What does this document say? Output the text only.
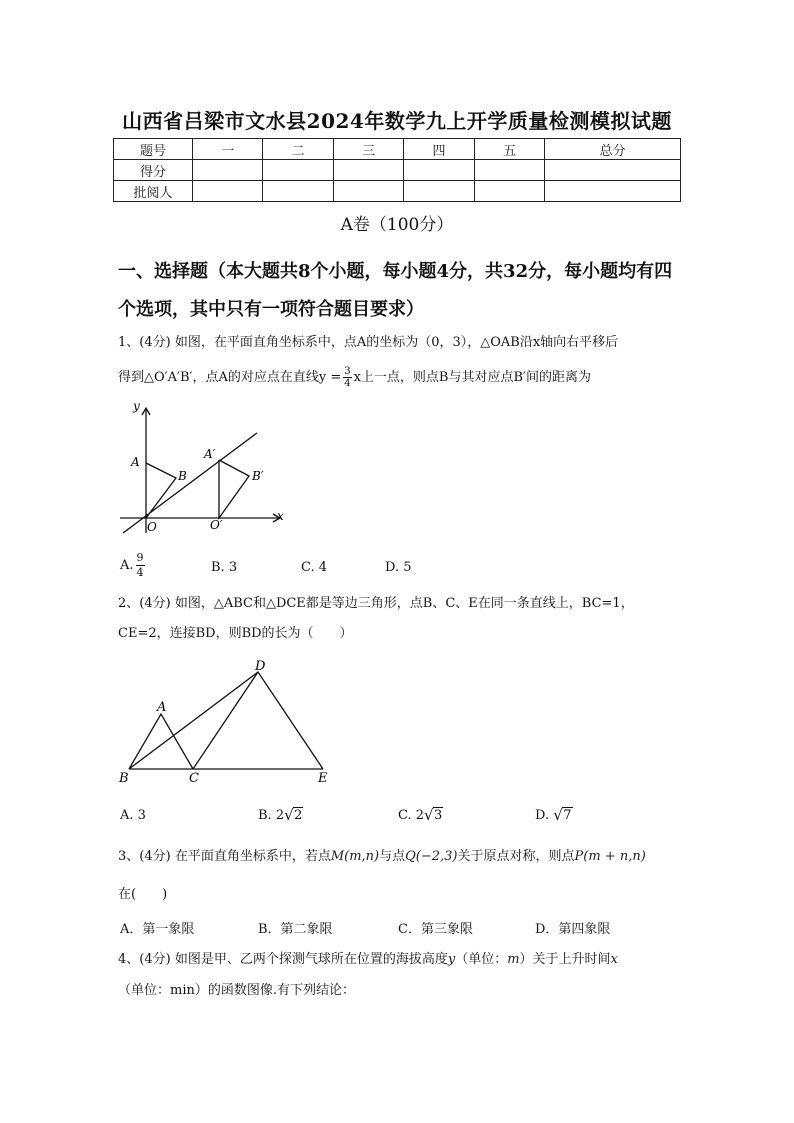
山西省吕梁市文水县2024年数学九上开学质量检测模拟试题
题号	一	二	三	四	五	总分
得分						
批阅人						
A卷（100分）
一、选择题（本大题共8个小题，每小题4分，共32分，每小题均有四个选项，其中只有一项符合题目要求）
1、(4分) 如图，在平面直角坐标系中，点A的坐标为（0，3），△OAB沿x轴向右平移后
得到△O′A′B′，点A的对应点在直线$y = \frac{3}{4}$ x上一点，则点B与其对应点B′间的距离为
y
x
A
B
O
A′
B′
O′
A. $\frac{9}{4}$	B. 3	C. 4	D. 5
2、(4分) 如图，△ABC和△DCE都是等边三角形，点B、C、E在同一条直线上，BC=1，
CE=2，连接BD，则BD的长为（　　）
A
B	C
D
E
A. 3	B. 2 √ 2	C. 2 √ 3	D. √ 7
3、(4分) 在平面直角坐标系中，若点M(m,n)与点Q(−2,3)关于原点对称，则点P(m + n,n)
在(　　)
A．第一象限	B．第二象限	C．第三象限	D．第四象限
4、(4分) 如图是甲、乙两个探测气球所在位置的海拔高度y（单位：m）关于上升时间x
（单位：min）的函数图像.有下列结论：
